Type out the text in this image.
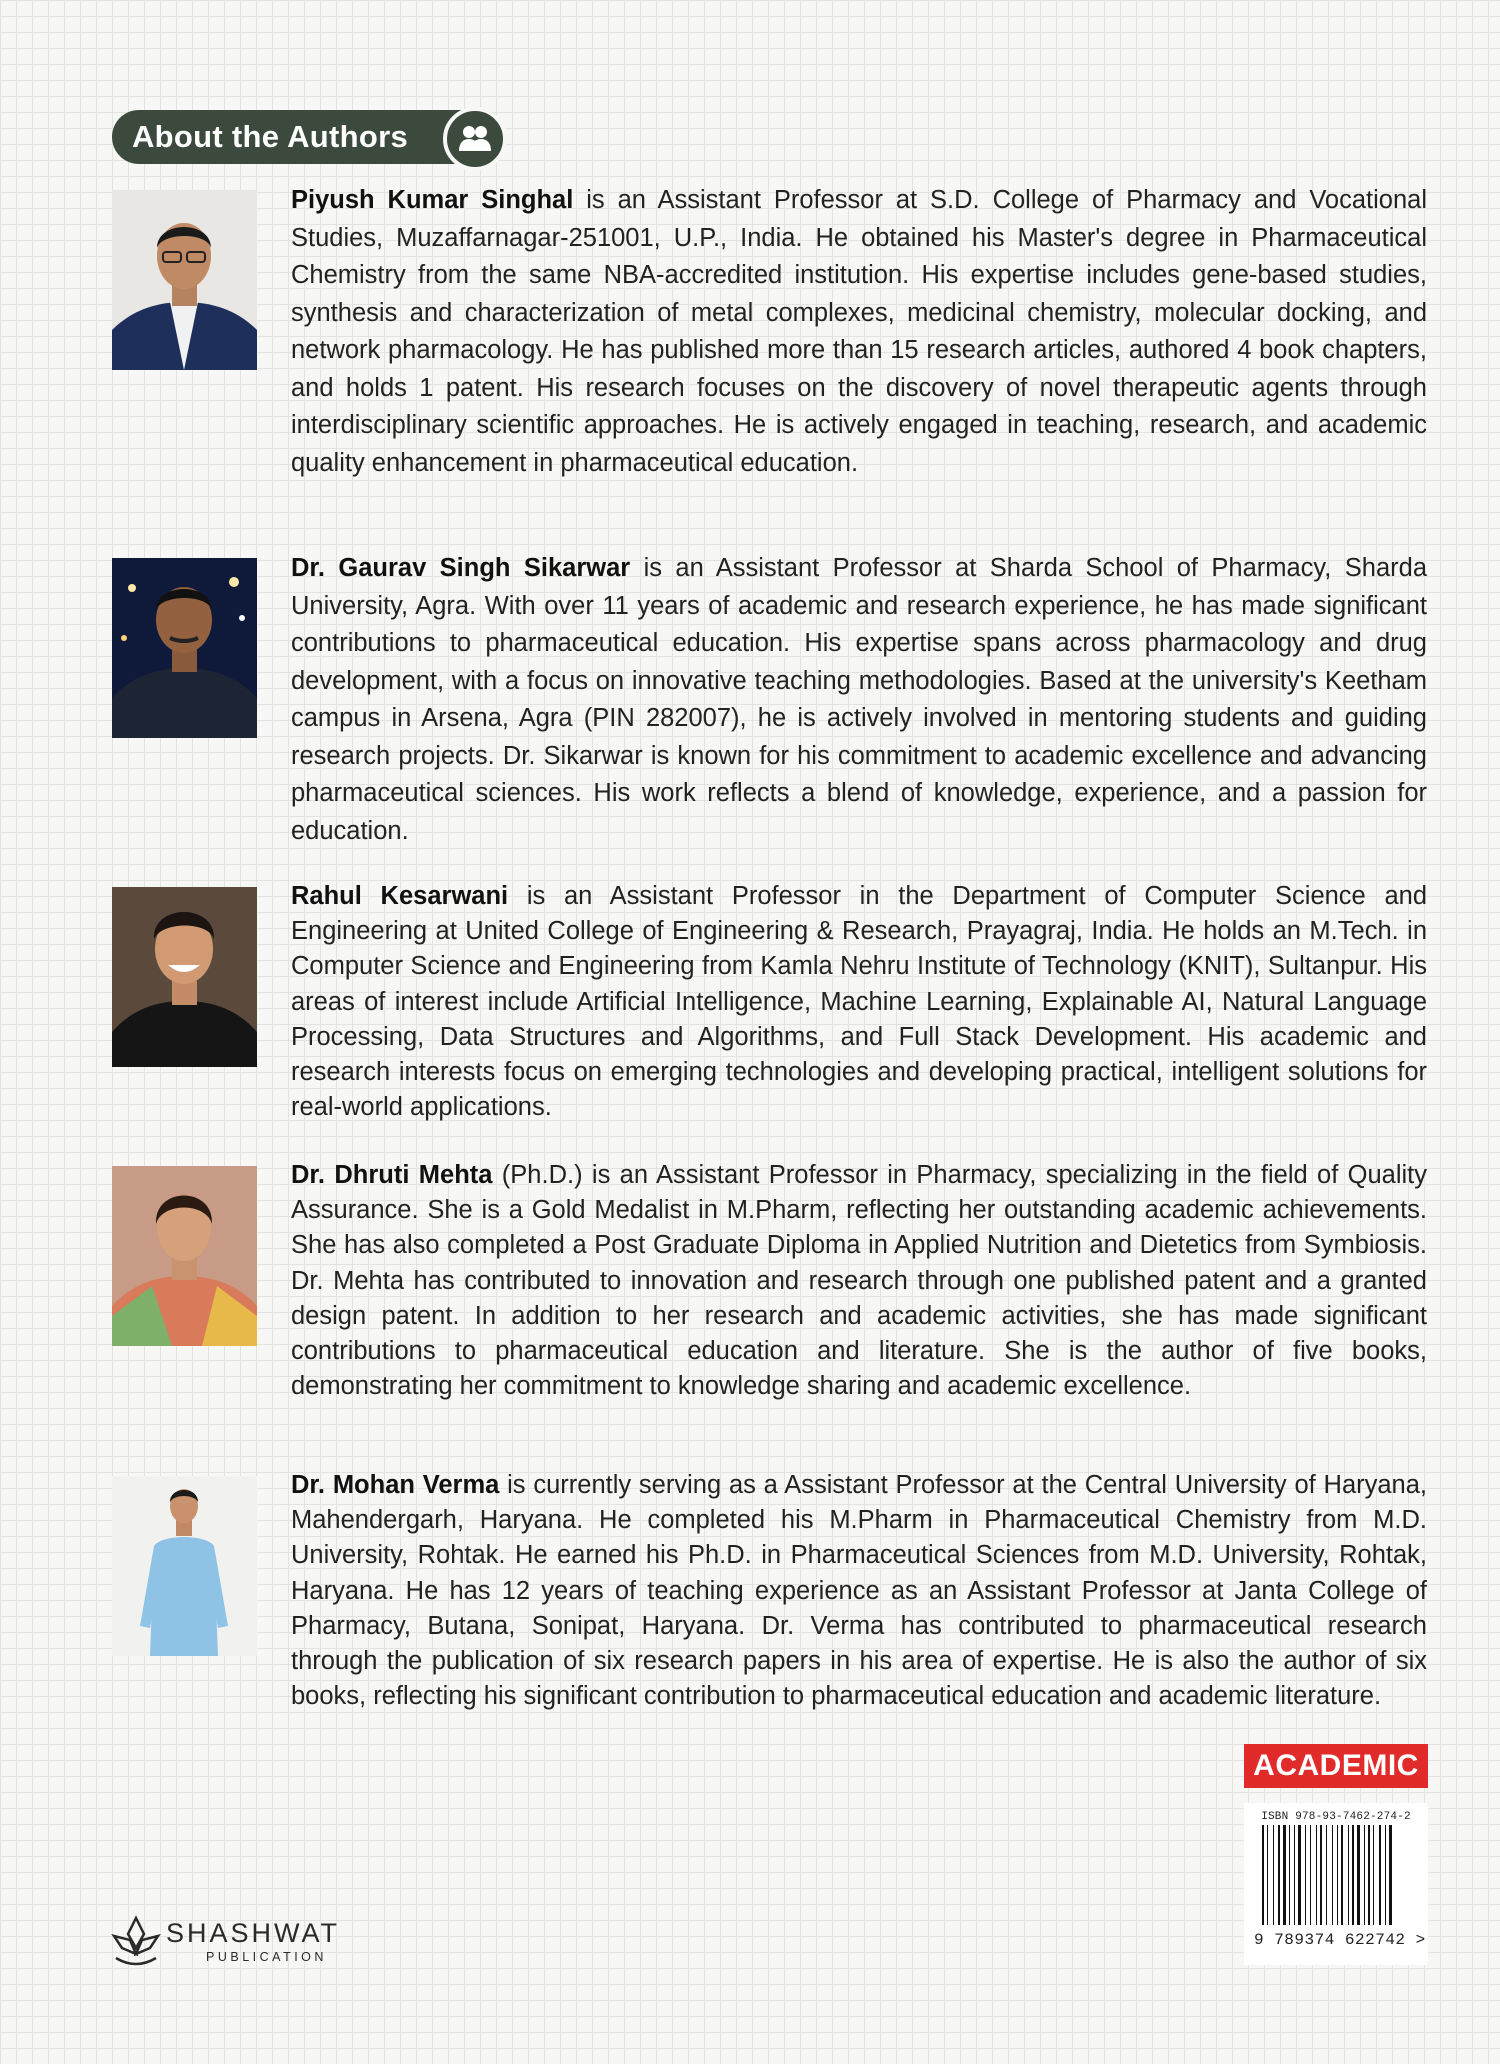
About the Authors

Piyush Kumar Singhal is an Assistant Professor at S.D. College of Pharmacy and Vocational Studies, Muzaffarnagar-251001, U.P., India. He obtained his Master's degree in Pharmaceutical Chemistry from the same NBA-accredited institution. His expertise includes gene-based studies, synthesis and characterization of metal complexes, medicinal chemistry, molecular docking, and network pharmacology. He has published more than 15 research articles, authored 4 book chapters, and holds 1 patent. His research focuses on the discovery of novel therapeutic agents through interdisciplinary scientific approaches. He is actively engaged in teaching, research, and academic quality enhancement in pharmaceutical education.

Dr. Gaurav Singh Sikarwar is an Assistant Professor at Sharda School of Pharmacy, Sharda University, Agra. With over 11 years of academic and research experience, he has made significant contributions to pharmaceutical education. His expertise spans across pharmacology and drug development, with a focus on innovative teaching methodologies. Based at the university's Keetham campus in Arsena, Agra (PIN 282007), he is actively involved in mentoring students and guiding research projects. Dr. Sikarwar is known for his commitment to academic excellence and advancing pharmaceutical sciences. His work reflects a blend of knowledge, experience, and a passion for education.

Rahul Kesarwani is an Assistant Professor in the Department of Computer Science and Engineering at United College of Engineering & Research, Prayagraj, India. He holds an M.Tech. in Computer Science and Engineering from Kamla Nehru Institute of Technology (KNIT), Sultanpur. His areas of interest include Artificial Intelligence, Machine Learning, Explainable AI, Natural Language Processing, Data Structures and Algorithms, and Full Stack Development. His academic and research interests focus on emerging technologies and developing practical, intelligent solutions for real-world applications.

Dr. Dhruti Mehta (Ph.D.) is an Assistant Professor in Pharmacy, specializing in the field of Quality Assurance. She is a Gold Medalist in M.Pharm, reflecting her outstanding academic achievements. She has also completed a Post Graduate Diploma in Applied Nutrition and Dietetics from Symbiosis. Dr. Mehta has contributed to innovation and research through one published patent and a granted design patent. In addition to her research and academic activities, she has made significant contributions to pharmaceutical education and literature. She is the author of five books, demonstrating her commitment to knowledge sharing and academic excellence.

Dr. Mohan Verma is currently serving as a Assistant Professor at the Central University of Haryana, Mahendergarh, Haryana. He completed his M.Pharm in Pharmaceutical Chemistry from M.D. University, Rohtak. He earned his Ph.D. in Pharmaceutical Sciences from M.D. University, Rohtak, Haryana. He has 12 years of teaching experience as an Assistant Professor at Janta College of Pharmacy, Butana, Sonipat, Haryana. Dr. Verma has contributed to pharmaceutical research through the publication of six research papers in his area of expertise. He is also the author of six books, reflecting his significant contribution to pharmaceutical education and academic literature.

ACADEMIC
ISBN 978-93-7462-274-2
9 789374 622742 >
SHASHWAT
PUBLICATION
